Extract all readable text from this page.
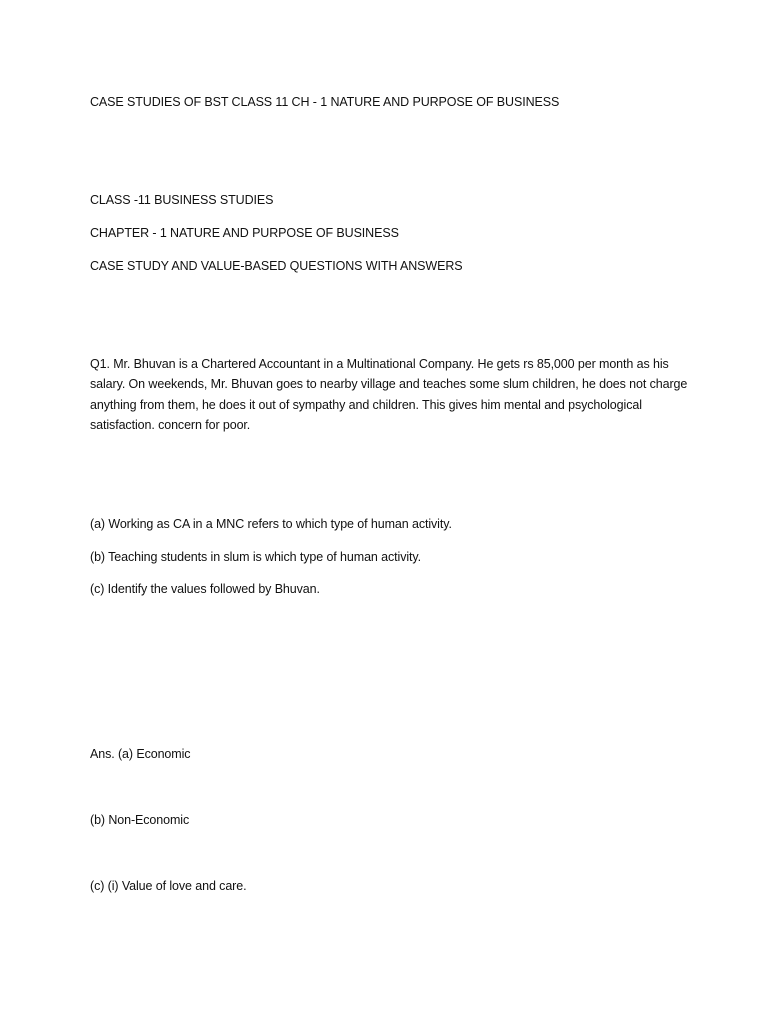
CASE STUDIES OF BST CLASS 11 CH - 1 NATURE AND PURPOSE OF BUSINESS
CLASS -11 BUSINESS STUDIES
CHAPTER - 1 NATURE AND PURPOSE OF BUSINESS
CASE STUDY AND VALUE-BASED QUESTIONS WITH ANSWERS
Q1. Mr. Bhuvan is a Chartered Accountant in a Multinational Company. He gets rs 85,000 per month as his salary. On weekends, Mr. Bhuvan goes to nearby village and teaches some slum children, he does not charge anything from them, he does it out of sympathy and children. This gives him mental and psychological satisfaction. concern for poor.
(a) Working as CA in a MNC refers to which type of human activity.
(b) Teaching students in slum is which type of human activity.
(c) Identify the values followed by Bhuvan.
Ans. (a) Economic
(b) Non-Economic
(c) (i) Value of love and care.
